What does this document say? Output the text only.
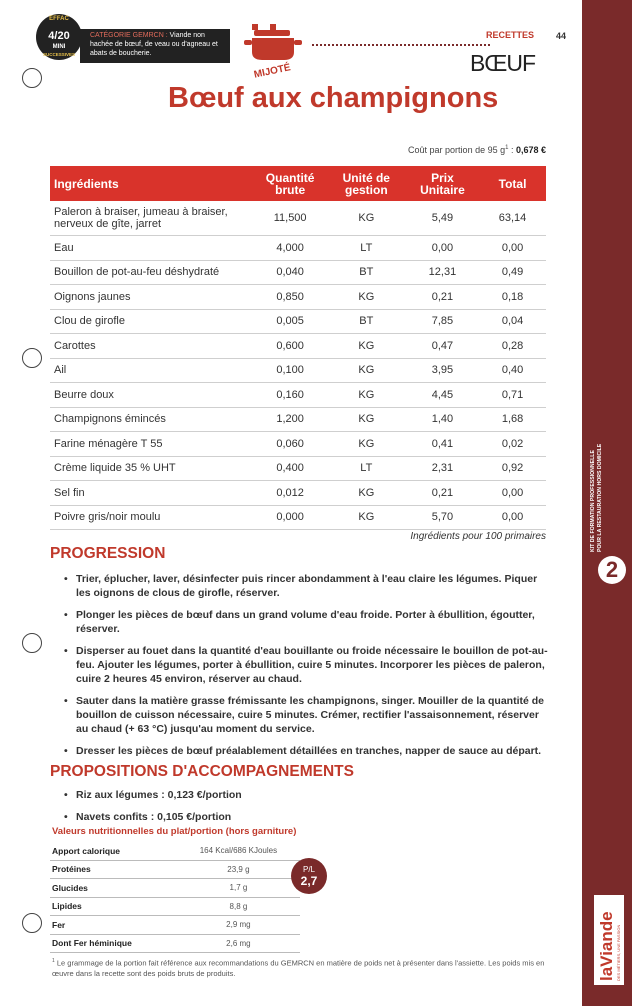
KIT DE FORMATION PROFESSIONNELLE POUR LA RESTAURATION HORS DOMICILE
2
laViande DES MÉTIERS, UNE PASSION
EFFAC
4/20
MINI
SUCCESSIVES
CATÉGORIE GEMRCN : Viande non hachée de bœuf, de veau ou d'agneau et abats de boucherie.
MIJOTÉ
RECETTES 44
BŒUF
Bœuf aux champignons
Coût par portion de 95 $g^1$ : 0,678 €
Ingrédients	Quantité brute	Unité de gestion	Prix Unitaire	Total
Paleron à braiser, jumeau à braiser, nerveux de gîte, jarret	11,500	KG	5,49	63,14
Eau	4,000	LT	0,00	0,00
Bouillon de pot-au-feu déshydraté	0,040	BT	12,31	0,49
Oignons jaunes	0,850	KG	0,21	0,18
Clou de girofle	0,005	BT	7,85	0,04
Carottes	0,600	KG	0,47	0,28
Ail	0,100	KG	3,95	0,40
Beurre doux	0,160	KG	4,45	0,71
Champignons émincés	1,200	KG	1,40	1,68
Farine ménagère T 55	0,060	KG	0,41	0,02
Crème liquide 35 % UHT	0,400	LT	2,31	0,92
Sel fin	0,012	KG	0,21	0,00
Poivre gris/noir moulu	0,000	KG	5,70	0,00
Ingrédients pour 100 primaires
PROGRESSION
• Trier, éplucher, laver, désinfecter puis rincer abondamment à l'eau claire les légumes. Piquer les oignons de clous de girofle, réserver.
• Plonger les pièces de bœuf dans un grand volume d'eau froide. Porter à ébullition, égoutter, réserver.
• Disperser au fouet dans la quantité d'eau bouillante ou froide nécessaire le bouillon de pot-au-feu. Ajouter les légumes, porter à ébullition, cuire 5 minutes. Incorporer les pièces de paleron, cuire 2 heures 45 environ, réserver au chaud.
• Sauter dans la matière grasse frémissante les champignons, singer. Mouiller de la quantité de bouillon de cuisson nécessaire, cuire 5 minutes. Crémer, rectifier l'assaisonnement, réserver au chaud (+ 63 °C) jusqu'au moment du service.
• Dresser les pièces de bœuf préalablement détaillées en tranches, napper de sauce au départ.
PROPOSITIONS D'ACCOMPAGNEMENTS
• Riz aux légumes : 0,123 €/portion
• Navets confits : 0,105 €/portion
Valeurs nutritionnelles du plat/portion (hors garniture)
Apport calorique	164 Kcal/686 KJoules
Protéines	23,9 g
Glucides	1,7 g
Lipides	8,8 g
Fer	2,9 mg
Dont Fer héminique	2,6 mg
P/L
2,7
$^1$ Le grammage de la portion fait référence aux recommandations du GEMRCN en matière de poids net à présenter dans l'assiette. Les poids mis en œuvre dans la recette sont des poids bruts de produits.
